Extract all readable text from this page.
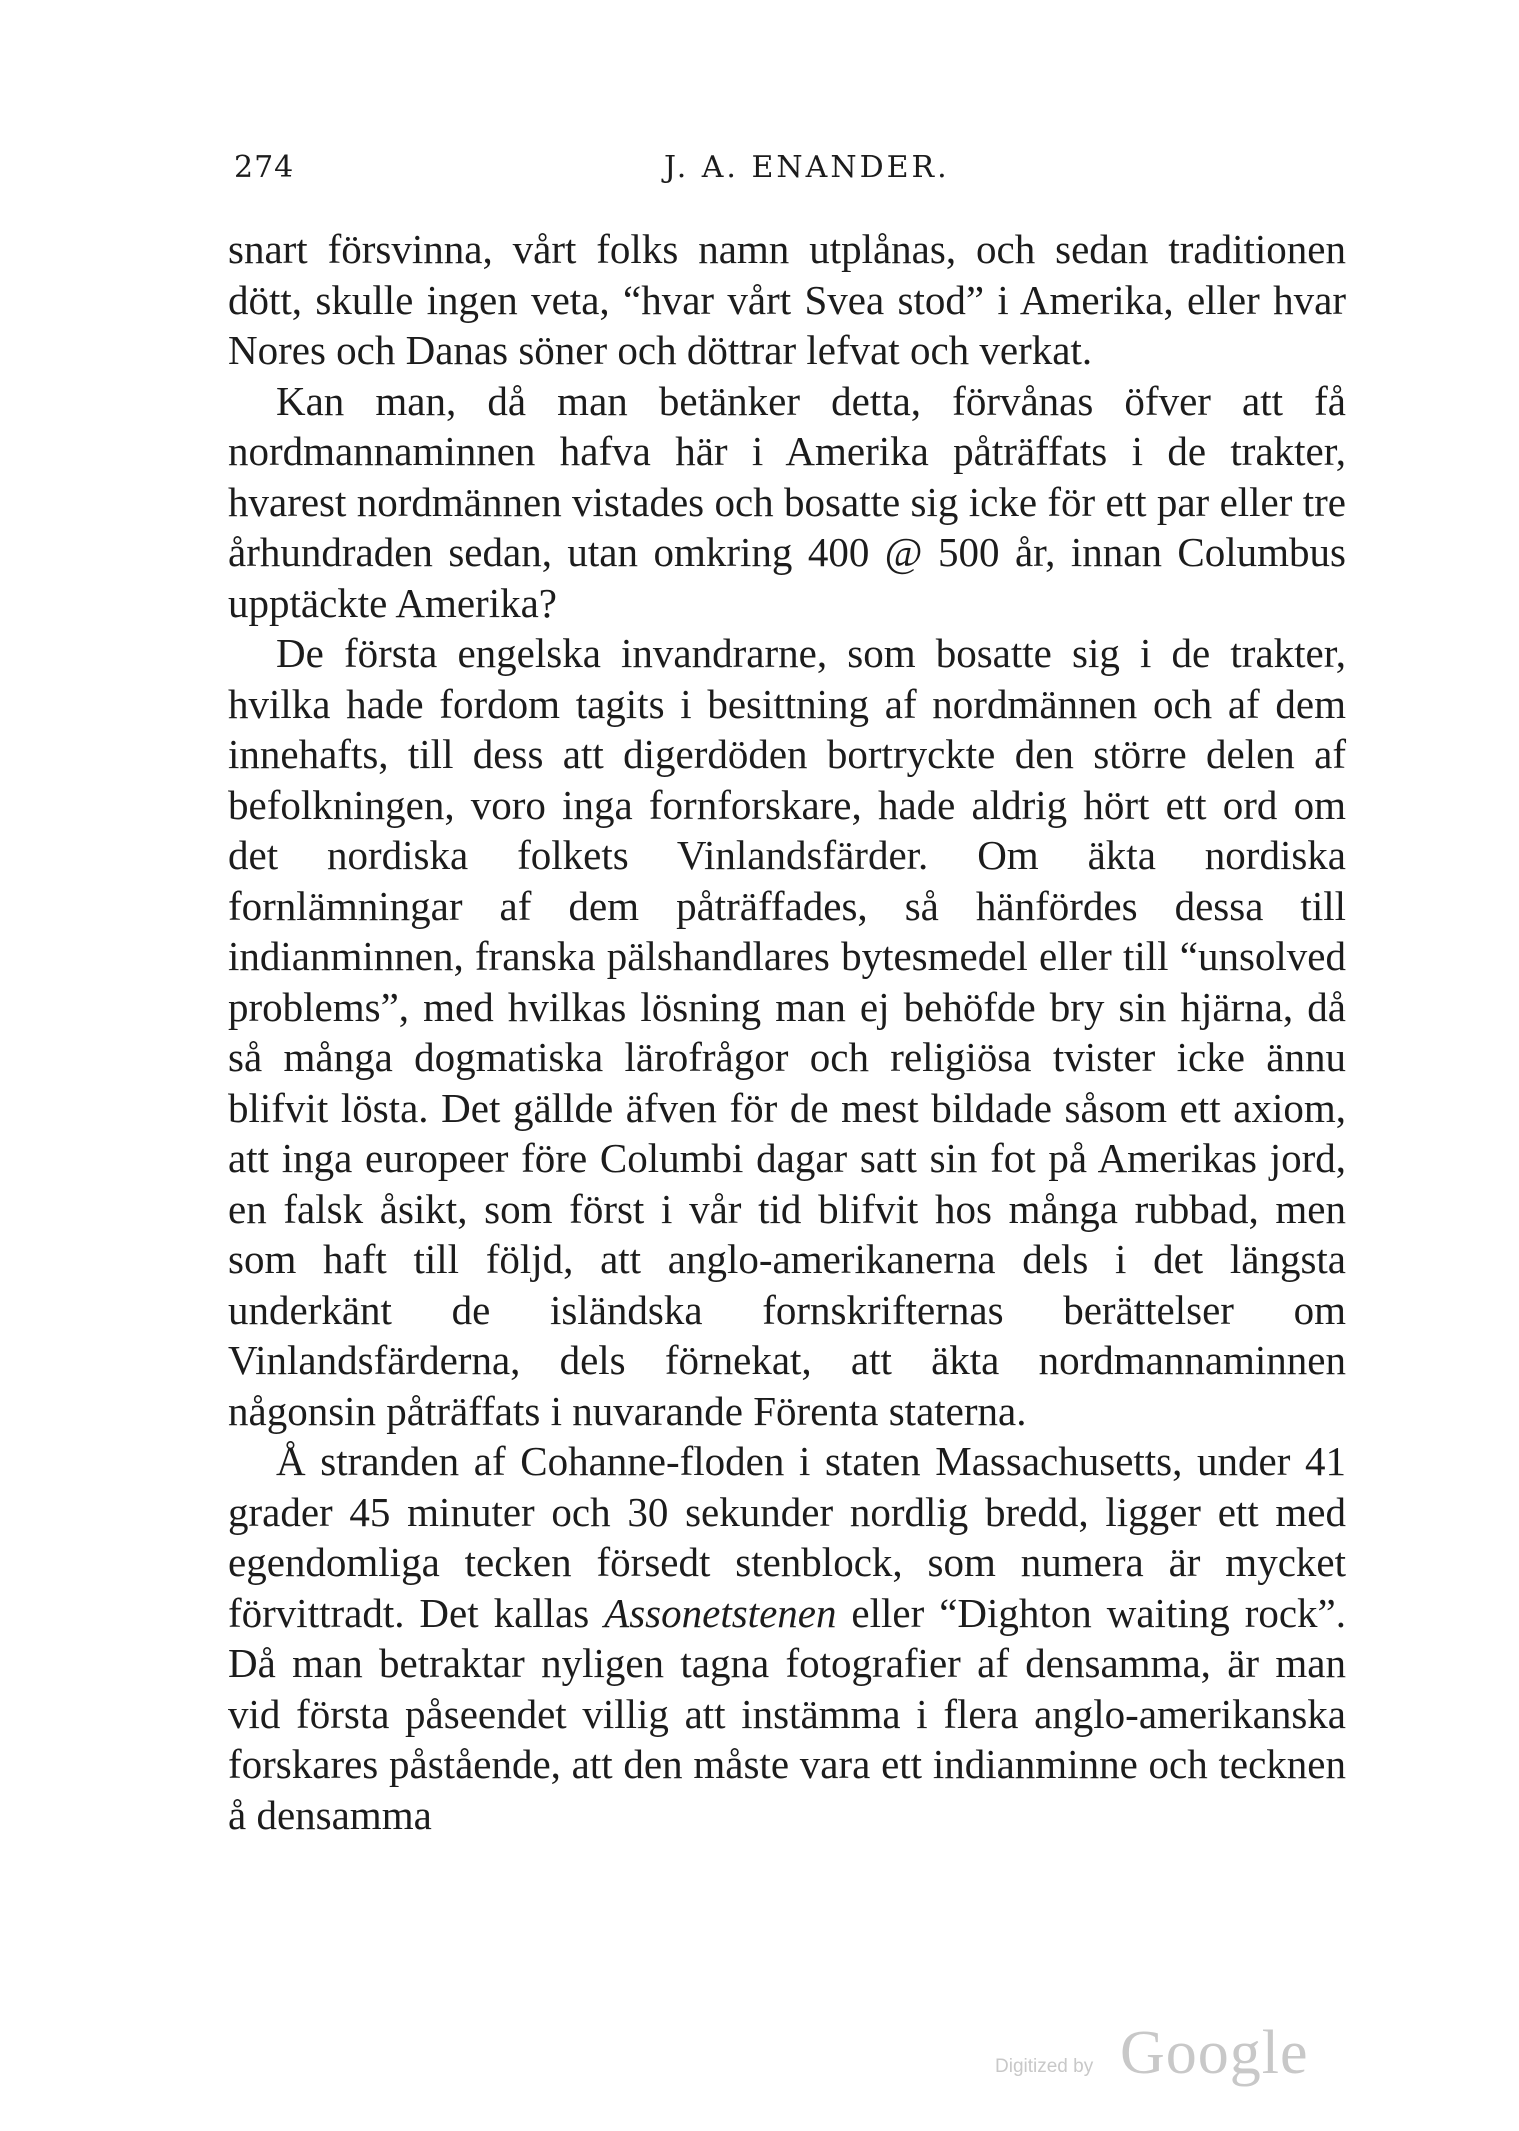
274	J. A. ENANDER.

snart försvinna, vårt folks namn utplånas, och sedan traditionen dött, skulle ingen veta, “hvar vårt Svea stod” i Amerika, eller hvar Nores och Danas söner och döttrar lefvat och verkat.

Kan man, då man betänker detta, förvånas öfver att få nordmannaminnen hafva här i Amerika påträffats i de trakter, hvarest nordmännen vistades och bosatte sig icke för ett par eller tre århundraden sedan, utan omkring 400 @ 500 år, innan Columbus upptäckte Amerika?

De första engelska invandrarne, som bosatte sig i de trakter, hvilka hade fordom tagits i besittning af nordmännen och af dem innehafts, till dess att digerdöden bortryckte den större delen af befolkningen, voro inga fornforskare, hade aldrig hört ett ord om det nordiska folkets Vinlandsfärder. Om äkta nordiska fornlämningar af dem påträffades, så hänfördes dessa till indianminnen, franska pälshandlares bytesmedel eller till “unsolved problems”, med hvilkas lösning man ej behöfde bry sin hjärna, då så många dogmatiska lärofrågor och religiösa tvister icke ännu blifvit lösta. Det gällde äfven för de mest bildade såsom ett axiom, att inga europeer före Columbi dagar satt sin fot på Amerikas jord, en falsk åsikt, som först i vår tid blifvit hos många rubbad, men som haft till följd, att anglo-amerikanerna dels i det längsta underkänt de isländska fornskrifternas berättelser om Vinlandsfärderna, dels förnekat, att äkta nordmannaminnen någonsin påträffats i nuvarande Förenta staterna.

Å stranden af Cohanne-floden i staten Massachusetts, under 41 grader 45 minuter och 30 sekunder nordlig bredd, ligger ett med egendomliga tecken försedt stenblock, som numera är mycket förvittradt. Det kallas Assonetstenen eller “Dighton waiting rock”. Då man betraktar nyligen tagna fotografier af densamma, är man vid första påseendet villig att instämma i flera anglo-amerikanska forskares påstående, att den måste vara ett indianminne och tecknen å densamma

Digitized by Google
